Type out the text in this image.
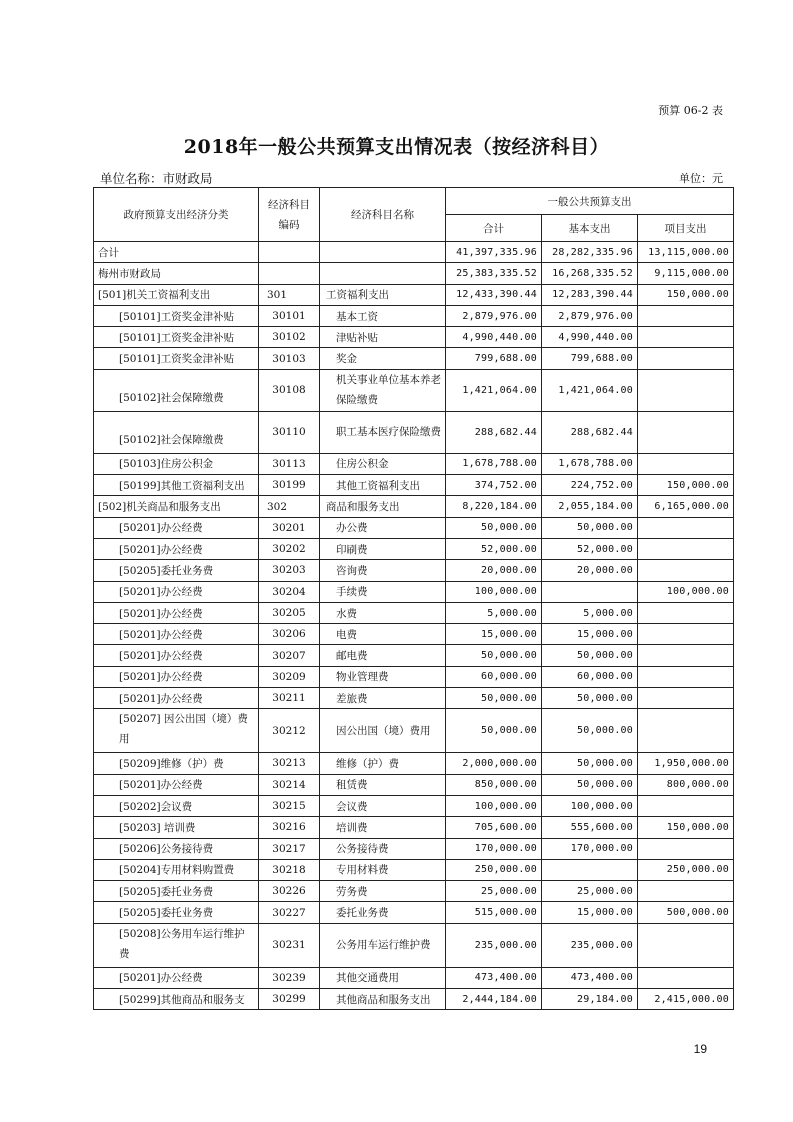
预算 06-2 表
2018年一般公共预算支出情况表（按经济科目）
单位名称：市财政局	单位：元
政府预算支出经济分类	经济科目编码	经济科目名称	一般公共预算支出		
			合计	基本支出	项目支出
合计			41,397,335.96	28,282,335.96	13,115,000.00
梅州市财政局			25,383,335.52	16,268,335.52	9,115,000.00
[501]机关工资福利支出	301	工资福利支出	12,433,390.44	12,283,390.44	150,000.00
[50101]工资奖金津补贴	30101	基本工资	2,879,976.00	2,879,976.00	
[50101]工资奖金津补贴	30102	津贴补贴	4,990,440.00	4,990,440.00	
[50101]工资奖金津补贴	30103	奖金	799,688.00	799,688.00	
[50102]社会保障缴费	30108	机关事业单位基本养老保险缴费	1,421,064.00	1,421,064.00	
[50102]社会保障缴费	30110	职工基本医疗保险缴费	288,682.44	288,682.44	
[50103]住房公积金	30113	住房公积金	1,678,788.00	1,678,788.00	
[50199]其他工资福利支出	30199	其他工资福利支出	374,752.00	224,752.00	150,000.00
[502]机关商品和服务支出	302	商品和服务支出	8,220,184.00	2,055,184.00	6,165,000.00
[50201]办公经费	30201	办公费	50,000.00	50,000.00	
[50201]办公经费	30202	印刷费	52,000.00	52,000.00	
[50205]委托业务费	30203	咨询费	20,000.00	20,000.00	
[50201]办公经费	30204	手续费	100,000.00		100,000.00
[50201]办公经费	30205	水费	5,000.00	5,000.00	
[50201]办公经费	30206	电费	15,000.00	15,000.00	
[50201]办公经费	30207	邮电费	50,000.00	50,000.00	
[50201]办公经费	30209	物业管理费	60,000.00	60,000.00	
[50201]办公经费	30211	差旅费	50,000.00	50,000.00	
[50207] 因公出国（境）费用	30212	因公出国（境）费用	50,000.00	50,000.00	
[50209]维修（护）费	30213	维修（护）费	2,000,000.00	50,000.00	1,950,000.00
[50201]办公经费	30214	租赁费	850,000.00	50,000.00	800,000.00
[50202]会议费	30215	会议费	100,000.00	100,000.00	
[50203] 培训费	30216	培训费	705,600.00	555,600.00	150,000.00
[50206]公务接待费	30217	公务接待费	170,000.00	170,000.00	
[50204]专用材料购置费	30218	专用材料费	250,000.00		250,000.00
[50205]委托业务费	30226	劳务费	25,000.00	25,000.00	
[50205]委托业务费	30227	委托业务费	515,000.00	15,000.00	500,000.00
[50208]公务用车运行维护费	30231	公务用车运行维护费	235,000.00	235,000.00	
[50201]办公经费	30239	其他交通费用	473,400.00	473,400.00	
[50299]其他商品和服务支	30299	其他商品和服务支出	2,444,184.00	29,184.00	2,415,000.00
19
